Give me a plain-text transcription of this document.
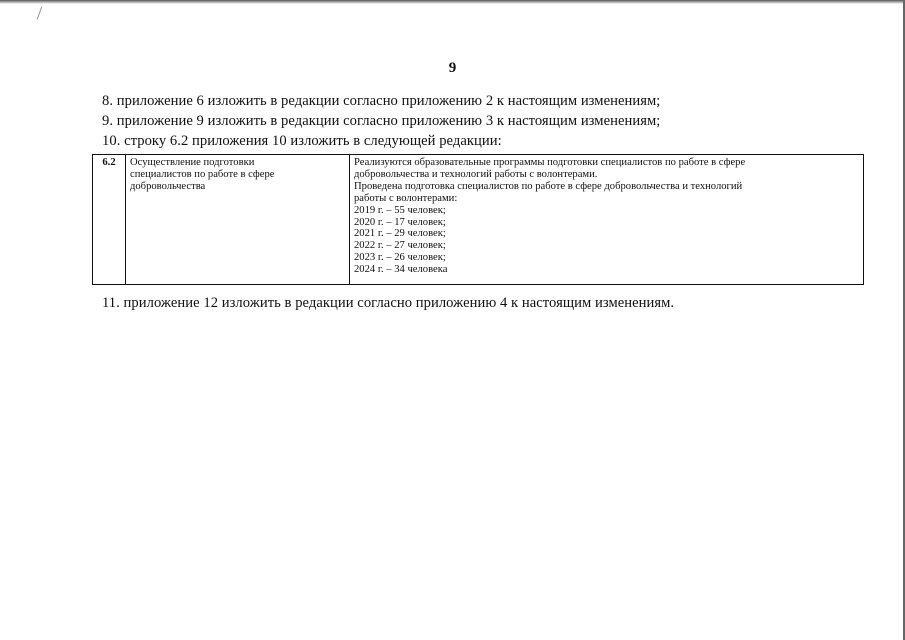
9
8. приложение 6 изложить в редакции согласно приложению 2 к настоящим изменениям;
9. приложение 9 изложить в редакции согласно приложению 3 к настоящим изменениям;
10. строку 6.2 приложения 10 изложить в следующей редакции:
6.2	Осуществление подготовки
специалистов по работе в сфере
добровольчества
Реализуются образовательные программы подготовки специалистов по работе в сфере
добровольчества и технологий работы с волонтерами.
Проведена подготовка специалистов по работе в сфере добровольчества и технологий
работы с волонтерами:
2019 г. – 55 человек;
2020 г. – 17 человек;
2021 г. – 29 человек;
2022 г. – 27 человек;
2023 г. – 26 человек;
2024 г. – 34 человека
11. приложение 12 изложить в редакции согласно приложению 4 к настоящим изменениям.
